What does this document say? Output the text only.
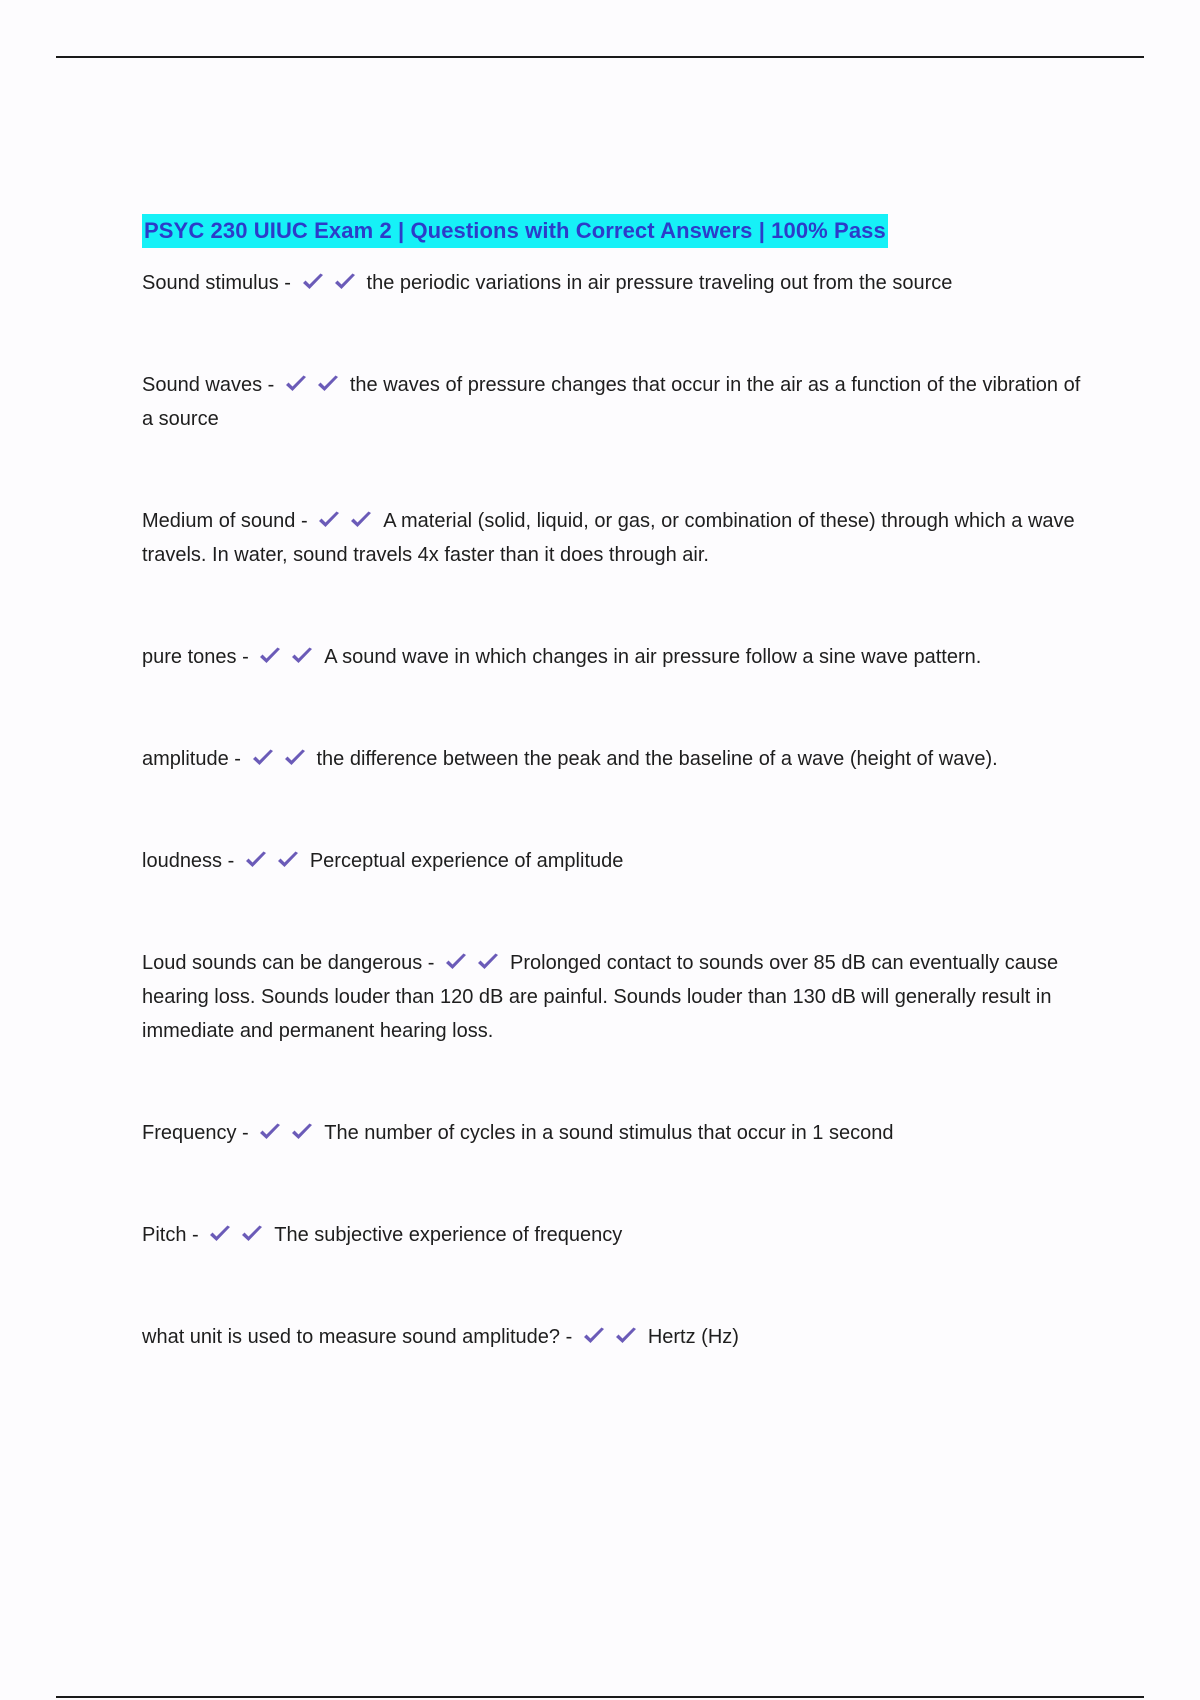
PSYC 230 UIUC Exam 2 | Questions with Correct Answers | 100% Pass
Sound stimulus -	the periodic variations in air pressure traveling out from the source
Sound waves -	the waves of pressure changes that occur in the air as a function of the vibration of a source
Medium of sound -	A material (solid, liquid, or gas, or combination of these) through which a wave travels. In water, sound travels 4x faster than it does through air.
pure tones -	A sound wave in which changes in air pressure follow a sine wave pattern.
amplitude -	the difference between the peak and the baseline of a wave (height of wave).
loudness -	Perceptual experience of amplitude
Loud sounds can be dangerous -	Prolonged contact to sounds over 85 dB can eventually cause hearing loss. Sounds louder than 120 dB are painful. Sounds louder than 130 dB will generally result in immediate and permanent hearing loss.
Frequency -	The number of cycles in a sound stimulus that occur in 1 second
Pitch -	The subjective experience of frequency
what unit is used to measure sound amplitude? -	Hertz (Hz)
